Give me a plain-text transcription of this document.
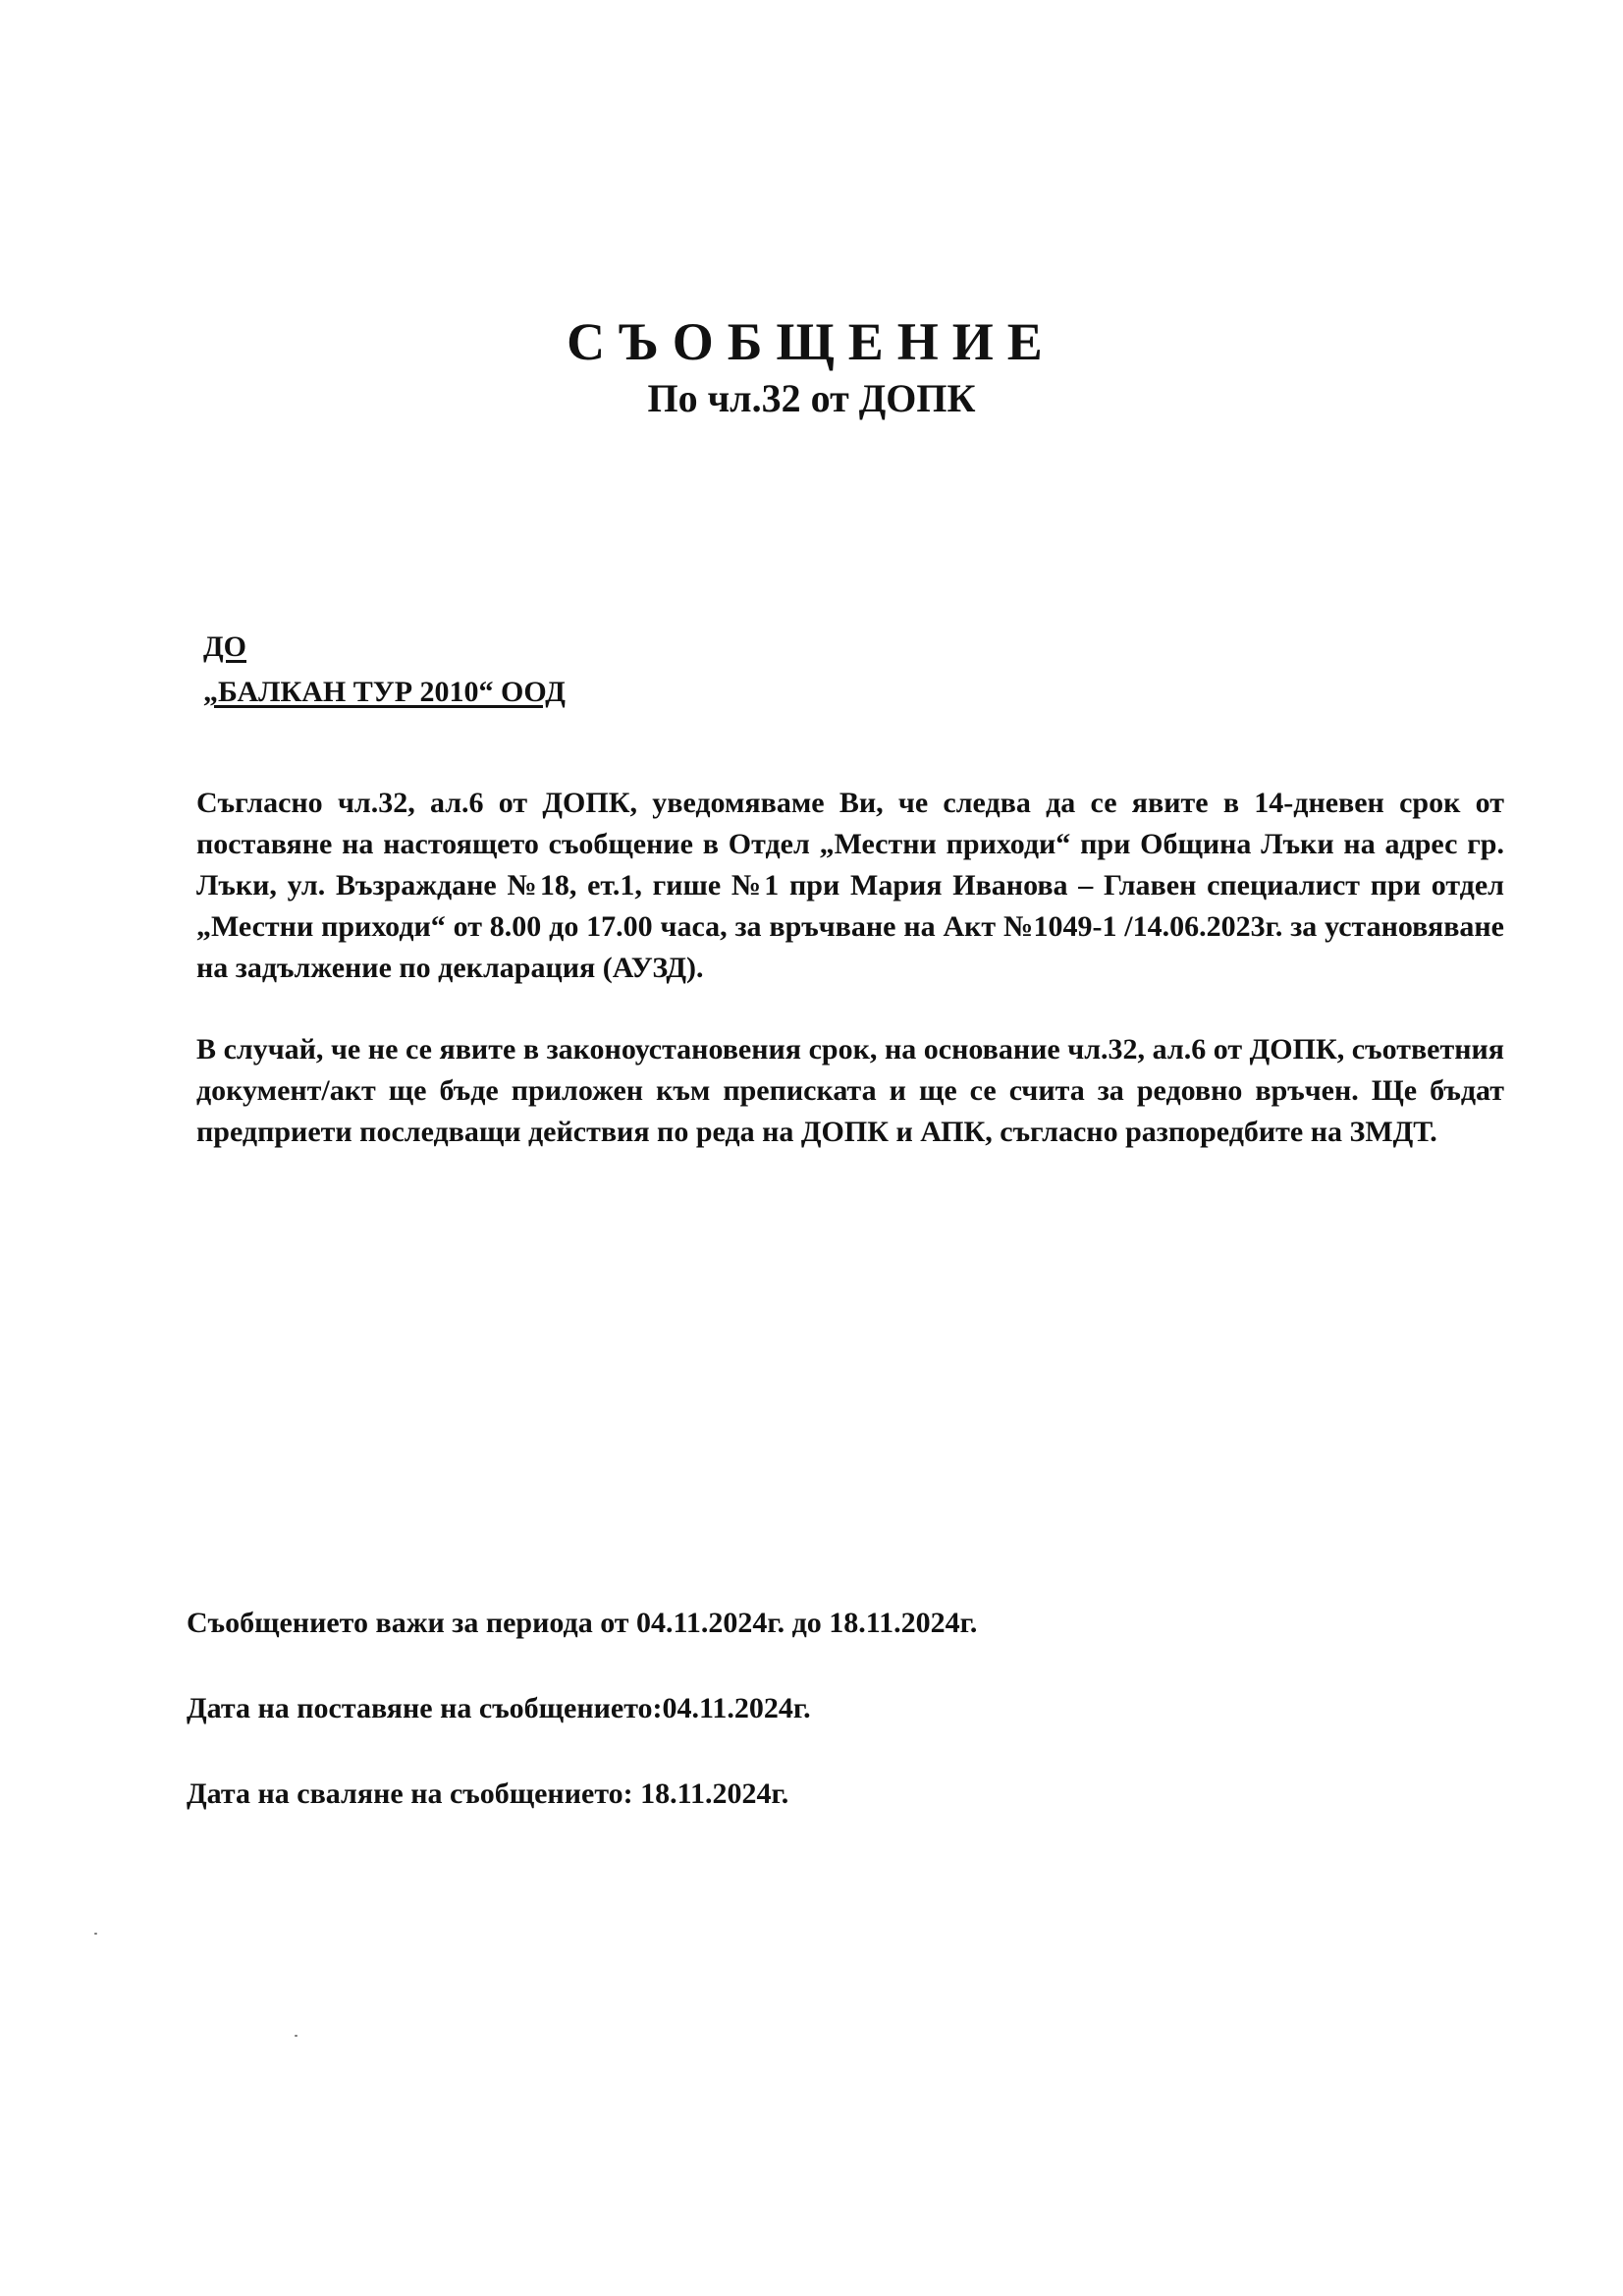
СЪОБЩЕНИЕ
По чл.32 от ДОПК
ДО
„БАЛКАН ТУР 2010“ ООД

Съгласно чл.32, ал.6 от ДОПК, уведомяваме Ви, че следва да се явите в 14-дневен срок от поставяне на настоящето съобщение в Отдел „Местни приходи“ при Община Лъки на адрес гр. Лъки, ул. Възраждане №18, ет.1, гише №1 при Мария Иванова – Главен специалист при отдел „Местни приходи“ от 8.00 до 17.00 часа, за връчване на Акт №1049-1 /14.06.2023г. за установяване на задължение по декларация (АУЗД).

В случай, че не се явите в законоустановения срок, на основание чл.32, ал.6 от ДОПК, съответния документ/акт ще бъде приложен към преписката и ще се счита за редовно връчен. Ще бъдат предприети последващи действия по реда на ДОПК и АПК, съгласно разпоредбите на ЗМДТ.

Съобщението важи за периода от 04.11.2024г. до 18.11.2024г.
Дата на поставяне на съобщението:04.11.2024г.
Дата на сваляне на съобщението: 18.11.2024г.
